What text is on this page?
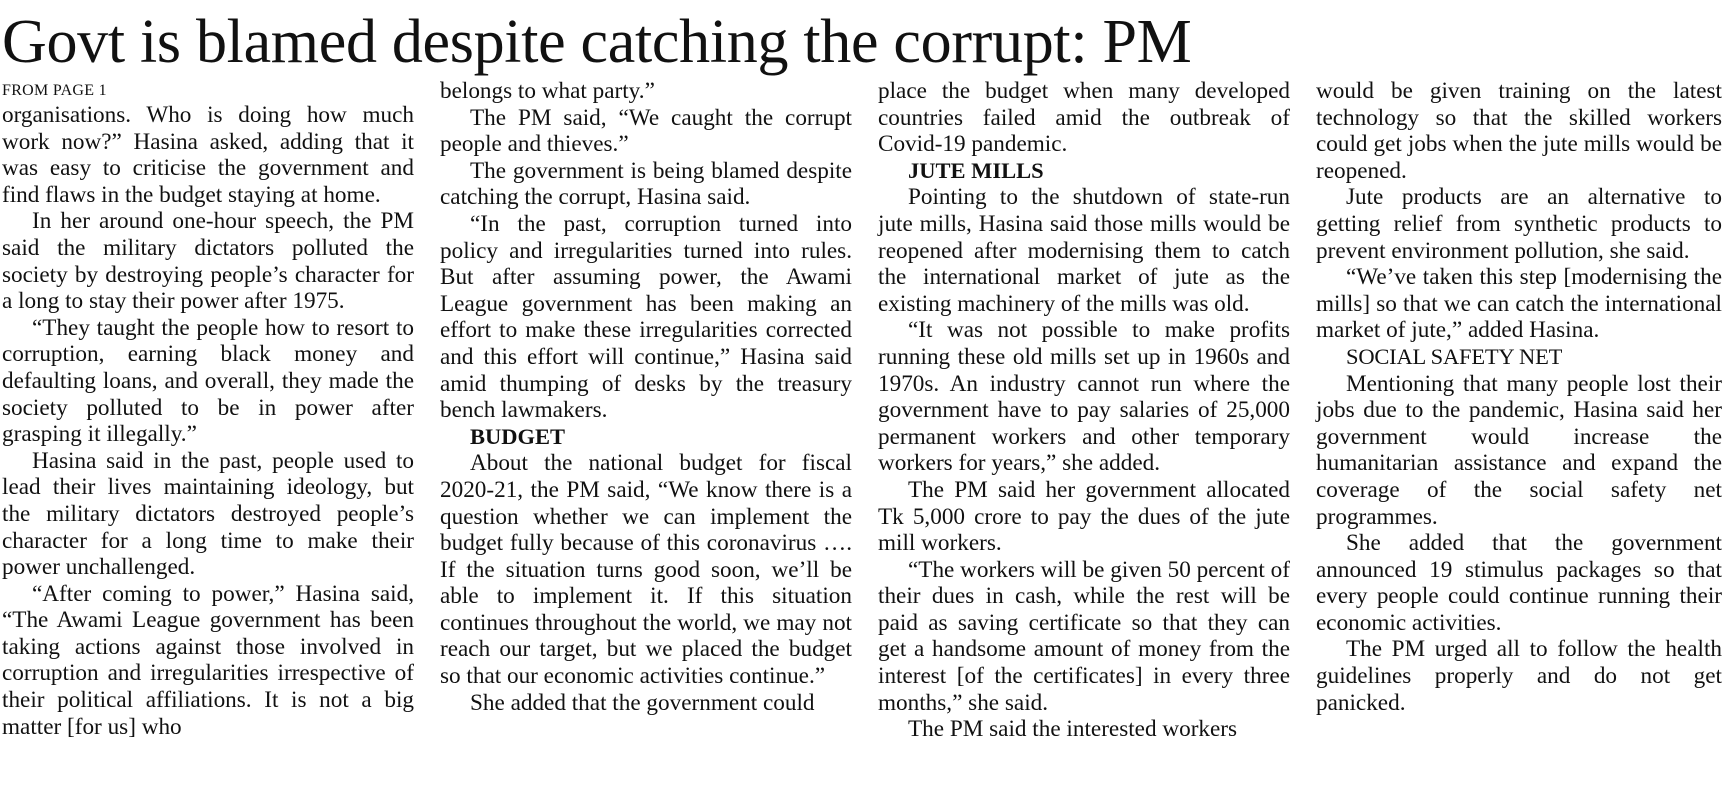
Govt is blamed despite catching the corrupt: PM
FROM PAGE 1

organisations. Who is doing how much work now?” Hasina asked, adding that it was easy to criticise the government and find flaws in the budget staying at home.

In her around one-hour speech, the PM said the military dictators polluted the society by destroying people’s character for a long to stay their power after 1975.

“They taught the people how to resort to corruption, earning black money and defaulting loans, and overall, they made the society polluted to be in power after grasping it illegally.”

Hasina said in the past, people used to lead their lives maintaining ideology, but the military dictators destroyed people’s character for a long time to make their power unchallenged.

“After coming to power,” Hasina said, “The Awami League government has been taking actions against those involved in corruption and irregularities irrespective of their political affiliations. It is not a big matter [for us] who

belongs to what party.”

The PM said, “We caught the corrupt people and thieves.”

The government is being blamed despite catching the corrupt, Hasina said.

“In the past, corruption turned into policy and irregularities turned into rules. But after assuming power, the Awami League government has been making an effort to make these irregularities corrected and this effort will continue,” Hasina said amid thumping of desks by the treasury bench lawmakers.

BUDGET

About the national budget for fiscal 2020-21, the PM said, “We know there is a question whether we can implement the budget fully because of this coronavirus …. If the situation turns good soon, we’ll be able to implement it. If this situation continues throughout the world, we may not reach our target, but we placed the budget so that our economic activities continue.”

She added that the government could

place the budget when many developed countries failed amid the outbreak of Covid-19 pandemic.

JUTE MILLS

Pointing to the shutdown of state-run jute mills, Hasina said those mills would be reopened after modernising them to catch the international market of jute as the existing machinery of the mills was old.

“It was not possible to make profits running these old mills set up in 1960s and 1970s. An industry cannot run where the government have to pay salaries of 25,000 permanent workers and other temporary workers for years,” she added.

The PM said her government allocated Tk 5,000 crore to pay the dues of the jute mill workers.

“The workers will be given 50 percent of their dues in cash, while the rest will be paid as saving certificate so that they can get a handsome amount of money from the interest [of the certificates] in every three months,” she said.

The PM said the interested workers

would be given training on the latest technology so that the skilled workers could get jobs when the jute mills would be reopened.

Jute products are an alternative to getting relief from synthetic products to prevent environment pollution, she said.

“We’ve taken this step [modernising the mills] so that we can catch the international market of jute,” added Hasina.

SOCIAL SAFETY NET

Mentioning that many people lost their jobs due to the pandemic, Hasina said her government would increase the humanitarian assistance and expand the coverage of the social safety net programmes.

She added that the government announced 19 stimulus packages so that every people could continue running their economic activities.

The PM urged all to follow the health guidelines properly and do not get panicked.
